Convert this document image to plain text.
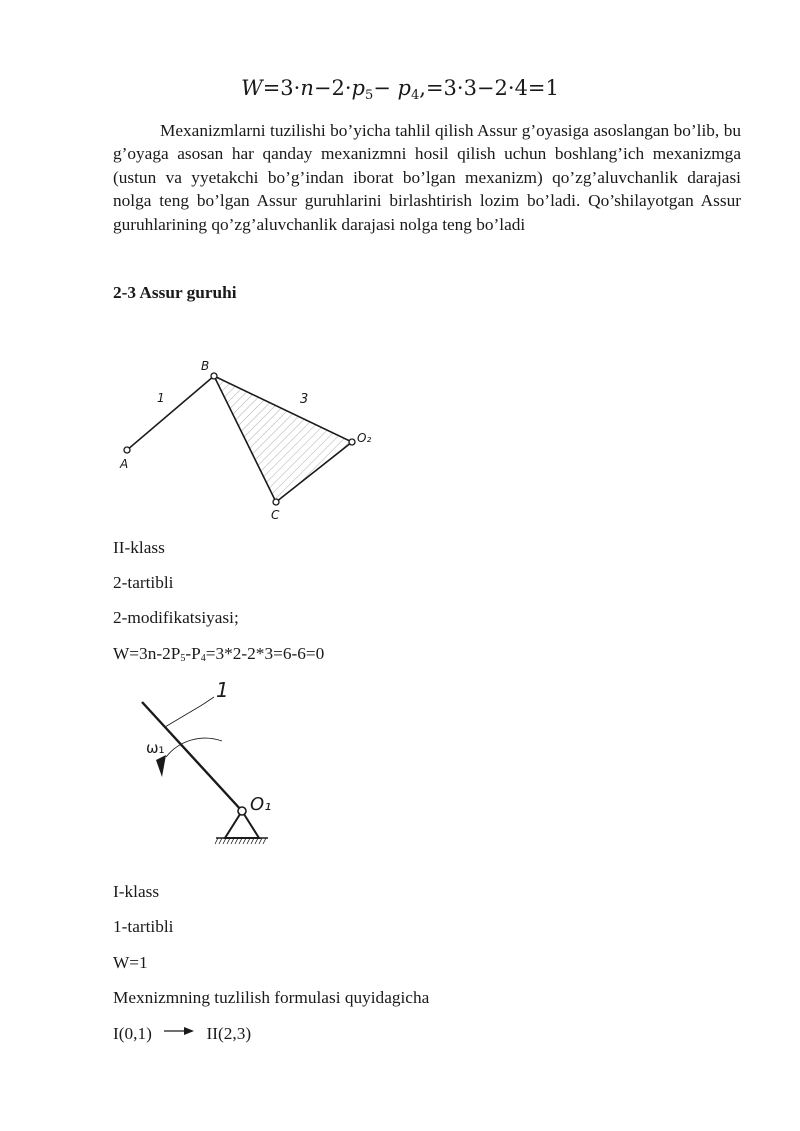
$W=3\cdot n-2\cdot p_5- p_4,=3\cdot 3-2\cdot 4=1$

Mexanizmlarni tuzilishi bo’yicha tahlil qilish Assur g’oyasiga asoslangan bo’lib, bu g’oyaga asosan har qanday mexanizmni hosil qilish uchun boshlang’ich mexanizmga (ustun va yyetakchi bo’g’indan iborat bo’lgan mexanizm) qo’zg’aluvchanlik darajasi nolga teng bo’lgan Assur guruhlarini birlashtirish lozim bo’ladi. Qo’shilayotgan Assur guruhlarining qo’zg’aluvchanlik darajasi nolga teng bo’ladi

2-3 Assur guruhi

A
B
C
O₂
1	3

II-klass

2-tartibli

2-modifikatsiyasi;

$W=3n-2P_5-P_4=3*2-2*3=6-6=0$

1
ω₁
O₁

I-klass

1-tartibli

W=1

Mexnizmning tuzlilish formulasi quyidagicha

I(0,1)	II(2,3)
